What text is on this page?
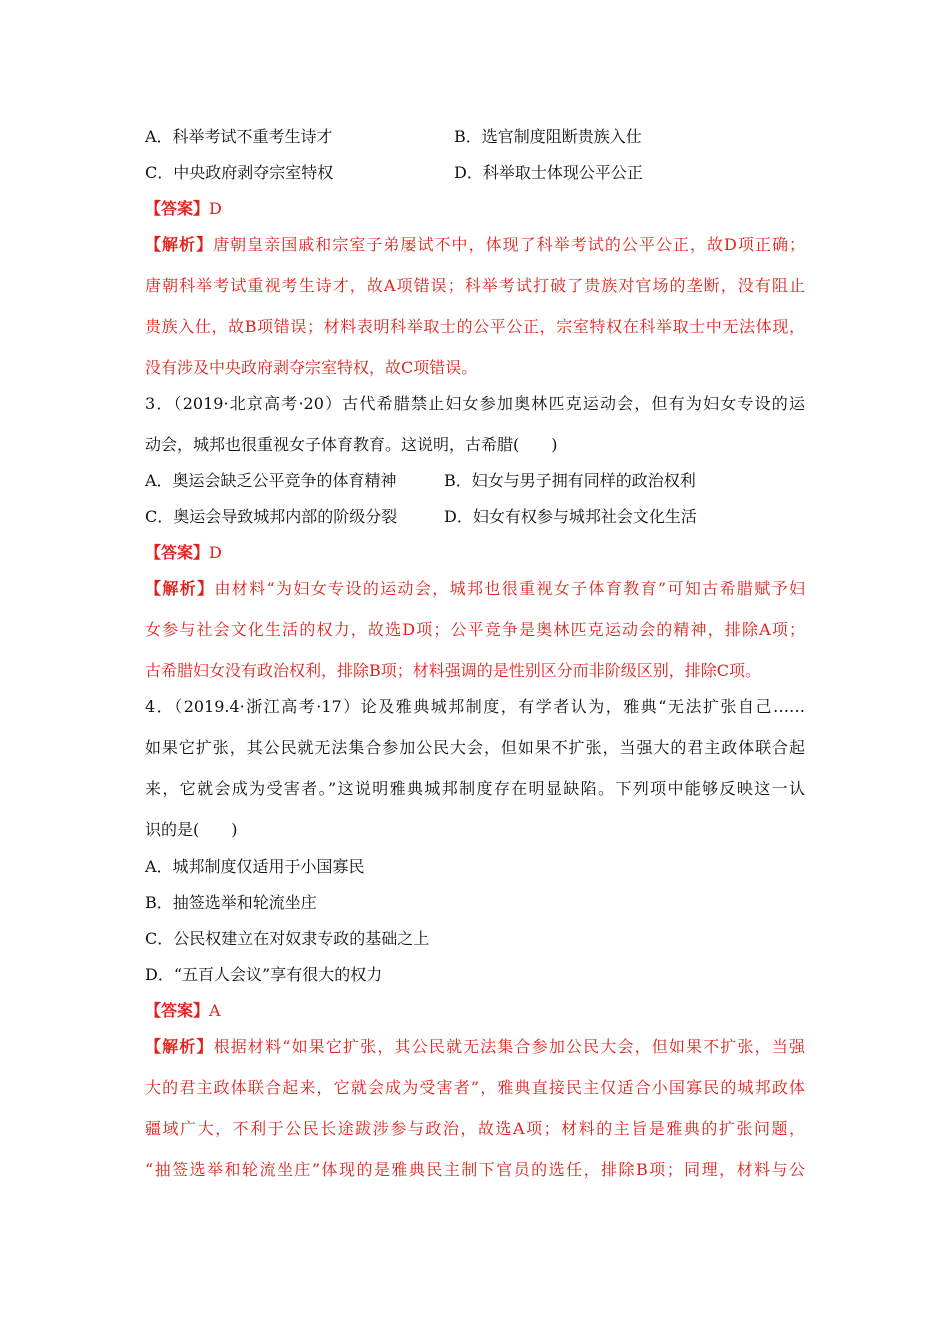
A．科举考试不重考生诗才	B．选官制度阻断贵族入仕
C．中央政府剥夺宗室特权	D．科举取士体现公平公正
【答案】D
【解析】唐朝皇亲国戚和宗室子弟屡试不中，体现了科举考试的公平公正，故D项正确；
唐朝科举考试重视考生诗才，故A项错误；科举考试打破了贵族对官场的垄断，没有阻止
贵族入仕，故B项错误；材料表明科举取士的公平公正，宗室特权在科举取士中无法体现，
没有涉及中央政府剥夺宗室特权，故C项错误。
3．（2019·北京高考·20）古代希腊禁止妇女参加奥林匹克运动会，但有为妇女专设的运
动会，城邦也很重视女子体育教育。这说明，古希腊(　　)
A．奥运会缺乏公平竞争的体育精神	B．妇女与男子拥有同样的政治权利
C．奥运会导致城邦内部的阶级分裂	D．妇女有权参与城邦社会文化生活
【答案】D
【解析】由材料“为妇女专设的运动会，城邦也很重视女子体育教育”可知古希腊赋予妇
女参与社会文化生活的权力，故选D项；公平竞争是奥林匹克运动会的精神，排除A项；
古希腊妇女没有政治权利，排除B项；材料强调的是性别区分而非阶级区别，排除C项。
4．（2019.4·浙江高考·17）论及雅典城邦制度，有学者认为，雅典“无法扩张自己……
如果它扩张，其公民就无法集合参加公民大会，但如果不扩张，当强大的君主政体联合起
来，它就会成为受害者。”这说明雅典城邦制度存在明显缺陷。下列项中能够反映这一认
识的是(　　)
A．城邦制度仅适用于小国寡民
B．抽签选举和轮流坐庄
C．公民权建立在对奴隶专政的基础之上
D．“五百人会议”享有很大的权力
【答案】A
【解析】根据材料“如果它扩张，其公民就无法集合参加公民大会，但如果不扩张，当强
大的君主政体联合起来，它就会成为受害者”，雅典直接民主仅适合小国寡民的城邦政体
疆域广大，不利于公民长途跋涉参与政治，故选A项；材料的主旨是雅典的扩张问题，
“抽签选举和轮流坐庄”体现的是雅典民主制下官员的选任，排除B项；同理，材料与公
